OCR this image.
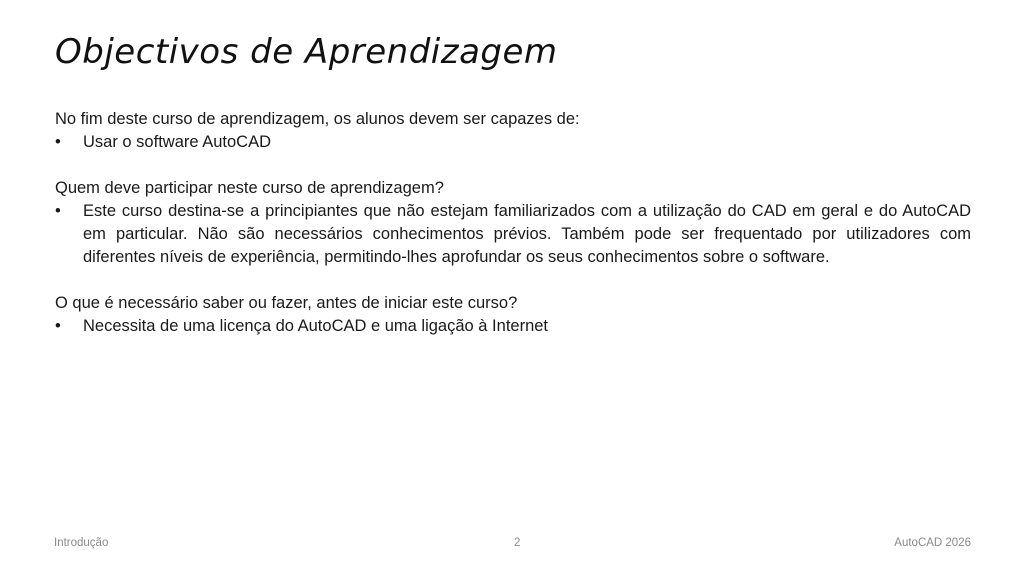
Objectivos de Aprendizagem

No fim deste curso de aprendizagem, os alunos devem ser capazes de:

•	Usar o software AutoCAD

Quem deve participar neste curso de aprendizagem?

•	Este curso destina-se a principiantes que não estejam familiarizados com a utilização do CAD em geral e do AutoCAD em particular. Não são necessários conhecimentos prévios. Também pode ser frequentado por utilizadores com diferentes níveis de experiência, permitindo-lhes aprofundar os seus conhecimentos sobre o software.

O que é necessário saber ou fazer, antes de iniciar este curso?

•	Necessita de uma licença do AutoCAD e uma ligação à Internet
Introdução	2	AutoCAD 2026
